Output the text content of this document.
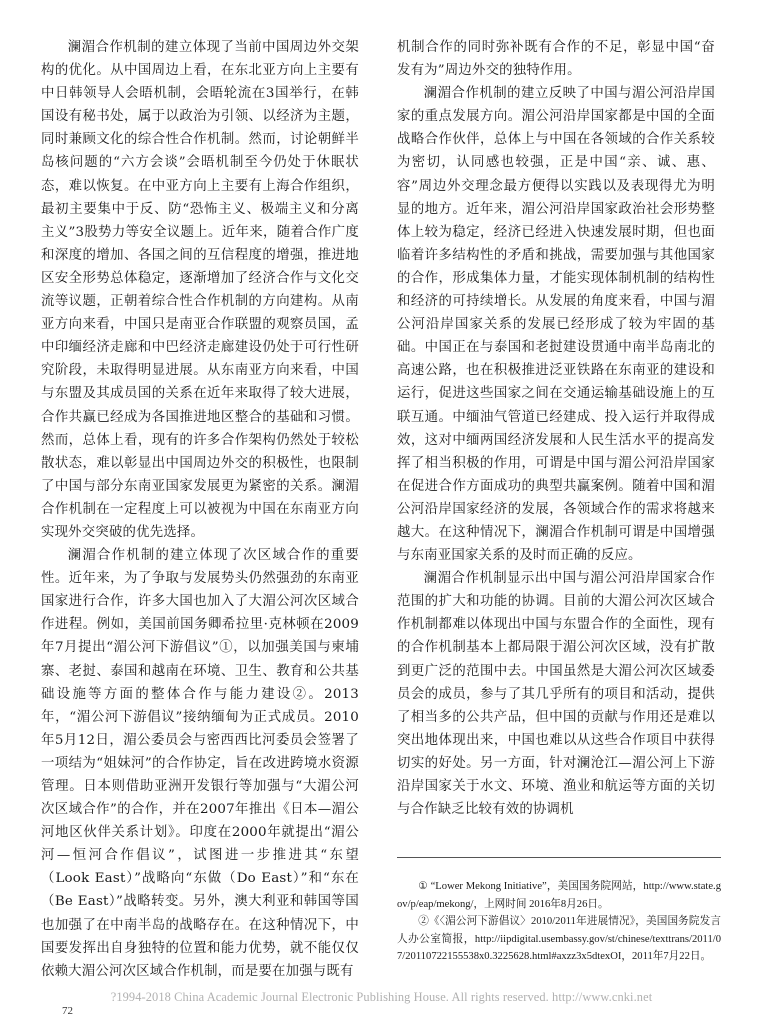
澜湄合作机制的建立体现了当前中国周边外交架构的优化。从中国周边上看，在东北亚方向上主要有中日韩领导人会晤机制，会晤轮流在3国举行，在韩国设有秘书处，属于以政治为引领、以经济为主题，同时兼顾文化的综合性合作机制。然而，讨论朝鲜半岛核问题的“六方会谈”会晤机制至今仍处于休眠状态，难以恢复。在中亚方向上主要有上海合作组织，最初主要集中于反、防“恐怖主义、极端主义和分离主义”3股势力等安全议题上。近年来，随着合作广度和深度的增加、各国之间的互信程度的增强，推进地区安全形势总体稳定，逐渐增加了经济合作与文化交流等议题，正朝着综合性合作机制的方向建构。从南亚方向来看，中国只是南亚合作联盟的观察员国，孟中印缅经济走廊和中巴经济走廊建设仍处于可行性研究阶段，未取得明显进展。从东南亚方向来看，中国与东盟及其成员国的关系在近年来取得了较大进展，合作共赢已经成为各国推进地区整合的基础和习惯。然而，总体上看，现有的许多合作架构仍然处于较松散状态，难以彰显出中国周边外交的积极性，也限制了中国与部分东南亚国家发展更为紧密的关系。澜湄合作机制在一定程度上可以被视为中国在东南亚方向实现外交突破的优先选择。

澜湄合作机制的建立体现了次区域合作的重要性。近年来，为了争取与发展势头仍然强劲的东南亚国家进行合作，许多大国也加入了大湄公河次区域合作进程。例如，美国前国务卿希拉里·克林顿在2009年7月提出“湄公河下游倡议”①，以加强美国与柬埔寨、老挝、泰国和越南在环境、卫生、教育和公共基础设施等方面的整体合作与能力建设②。2013年，“湄公河下游倡议”接纳缅甸为正式成员。2010年5月12日，湄公委员会与密西西比河委员会签署了一项结为“姐妹河”的合作协定，旨在改进跨境水资源管理。日本则借助亚洲开发银行等加强与“大湄公河次区域合作”的合作，并在2007年推出《日本—湄公河地区伙伴关系计划》。印度在2000年就提出“湄公河—恒河合作倡议”，试图进一步推进其“东望（Look East）”战略向“东做（Do East）”和“东在（Be East）”战略转变。另外，澳大利亚和韩国等国也加强了在中南半岛的战略存在。在这种情况下，中国要发挥出自身独特的位置和能力优势，就不能仅仅依赖大湄公河次区域合作机制，而是要在加强与既有

机制合作的同时弥补既有合作的不足，彰显中国“奋发有为”周边外交的独特作用。

澜湄合作机制的建立反映了中国与湄公河沿岸国家的重点发展方向。湄公河沿岸国家都是中国的全面战略合作伙伴，总体上与中国在各领域的合作关系较为密切，认同感也较强，正是中国“亲、诚、惠、容”周边外交理念最方便得以实践以及表现得尤为明显的地方。近年来，湄公河沿岸国家政治社会形势整体上较为稳定，经济已经进入快速发展时期，但也面临着许多结构性的矛盾和挑战，需要加强与其他国家的合作，形成集体力量，才能实现体制机制的结构性和经济的可持续增长。从发展的角度来看，中国与湄公河沿岸国家关系的发展已经形成了较为牢固的基础。中国正在与泰国和老挝建设贯通中南半岛南北的高速公路，也在积极推进泛亚铁路在东南亚的建设和运行，促进这些国家之间在交通运输基础设施上的互联互通。中缅油气管道已经建成、投入运行并取得成效，这对中缅两国经济发展和人民生活水平的提高发挥了相当积极的作用，可谓是中国与湄公河沿岸国家在促进合作方面成功的典型共赢案例。随着中国和湄公河沿岸国家经济的发展，各领域合作的需求将越来越大。在这种情况下，澜湄合作机制可谓是中国增强与东南亚国家关系的及时而正确的反应。

澜湄合作机制显示出中国与湄公河沿岸国家合作范围的扩大和功能的协调。目前的大湄公河次区域合作机制都难以体现出中国与东盟合作的全面性，现有的合作机制基本上都局限于湄公河次区域，没有扩散到更广泛的范围中去。中国虽然是大湄公河次区域委员会的成员，参与了其几乎所有的项目和活动，提供了相当多的公共产品，但中国的贡献与作用还是难以突出地体现出来，中国也难以从这些合作项目中获得切实的好处。另一方面，针对澜沧江—湄公河上下游沿岸国家关于水文、环境、渔业和航运等方面的关切与合作缺乏比较有效的协调机

① “Lower Mekong Initiative”，美国国务院网站，http://www.state.gov/p/eap/mekong/，上网时间 2016年8月26日。

②《〈湄公河下游倡议〉2010/2011年进展情况》，美国国务院发言人办公室简报，http://iipdigital.usembassy.gov/st/chinese/texttrans/2011/07/20110722155538x0.3225628.html#axzz3x5dtexOI，2011年7月22日。

?1994-2018 China Academic Journal Electronic Publishing House. All rights reserved. http://www.cnki.net
72
